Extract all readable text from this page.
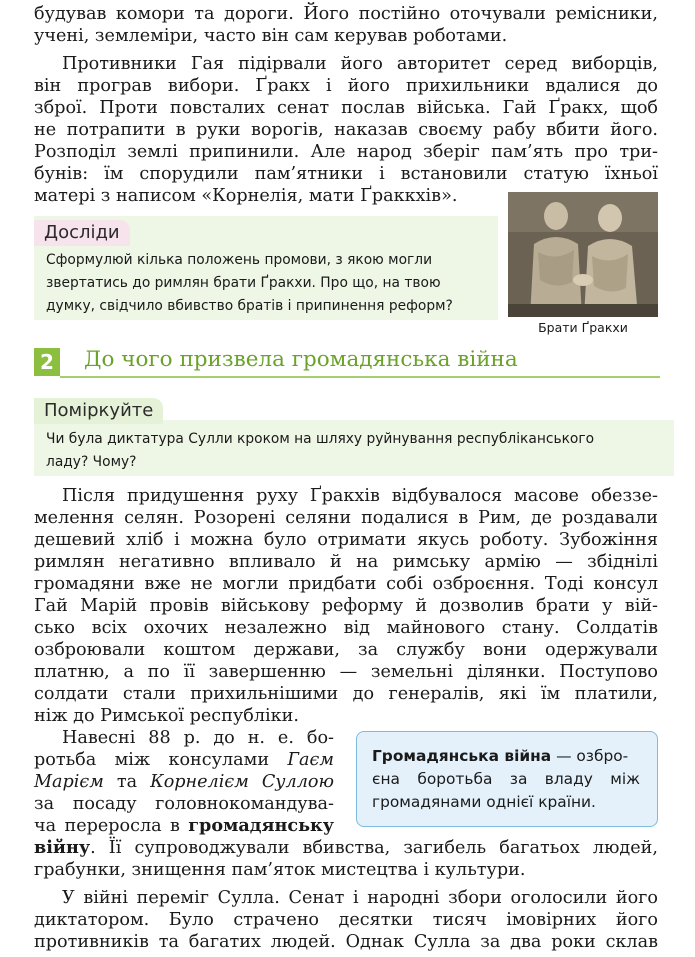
будував комори та дороги. Його постійно оточували ремісники,
учені, землеміри, часто він сам керував роботами.
Противники Гая підірвали його авторитет серед виборців,
він програв вибори. Ґракх і його прихильники вдалися до
зброї. Проти повсталих сенат послав війська. Гай Ґракх, щоб
не потрапити в руки ворогів, наказав своєму рабу вбити його.
Розподіл землі припинили. Але народ зберіг пам’ять про три-
бунів: їм спорудили пам’ятники і встановили статую їхньої
матері з написом «Корнелія, мати Ґраккхів».
Досліди
Сформулюй кілька положень промови, з якою могли
звертатись до римлян брати Ґракхи. Про що, на твою
думку, свідчило вбивство братів і припинення реформ?
Брати Ґракхи
2 До чого призвела громадянська війна
Поміркуйте
Чи була диктатура Сулли кроком на шляху руйнування республіканського
ладу? Чому?
Після придушення руху Ґракхів відбувалося масове обеззе-
мелення селян. Розорені селяни подалися в Рим, де роздавали
дешевий хліб і можна було отримати якусь роботу. Зубожіння
римлян негативно впливало й на римську армію — збіднілі
громадяни вже не могли придбати собі озброєння. Тоді консул
Гай Марій провів військову реформу й дозволив брати у вій-
сько всіх охочих незалежно від майнового стану. Солдатів
озброювали коштом держави, за службу вони одержували
платню, а по її завершенню — земельні ділянки. Поступово
солдати стали прихильнішими до генералів, які їм платили,
ніж до Римської республіки.
Навесні 88 р. до н. е. бо-
ротьба між консулами Гаєм
Марієм та Корнелієм Суллою
за посаду головнокомандува-
ча переросла в громадянську
війну. Її супроводжували вбивства, загибель багатьох людей,
грабунки, знищення пам’яток мистецтва і культури.
Громадянська війна — озбро-
єна боротьба за владу між
громадянами однієї країни.
У війні переміг Сулла. Сенат і народні збори оголосили його
диктатором. Було страчено десятки тисяч імовірних його
противників та багатих людей. Однак Сулла за два роки склав
